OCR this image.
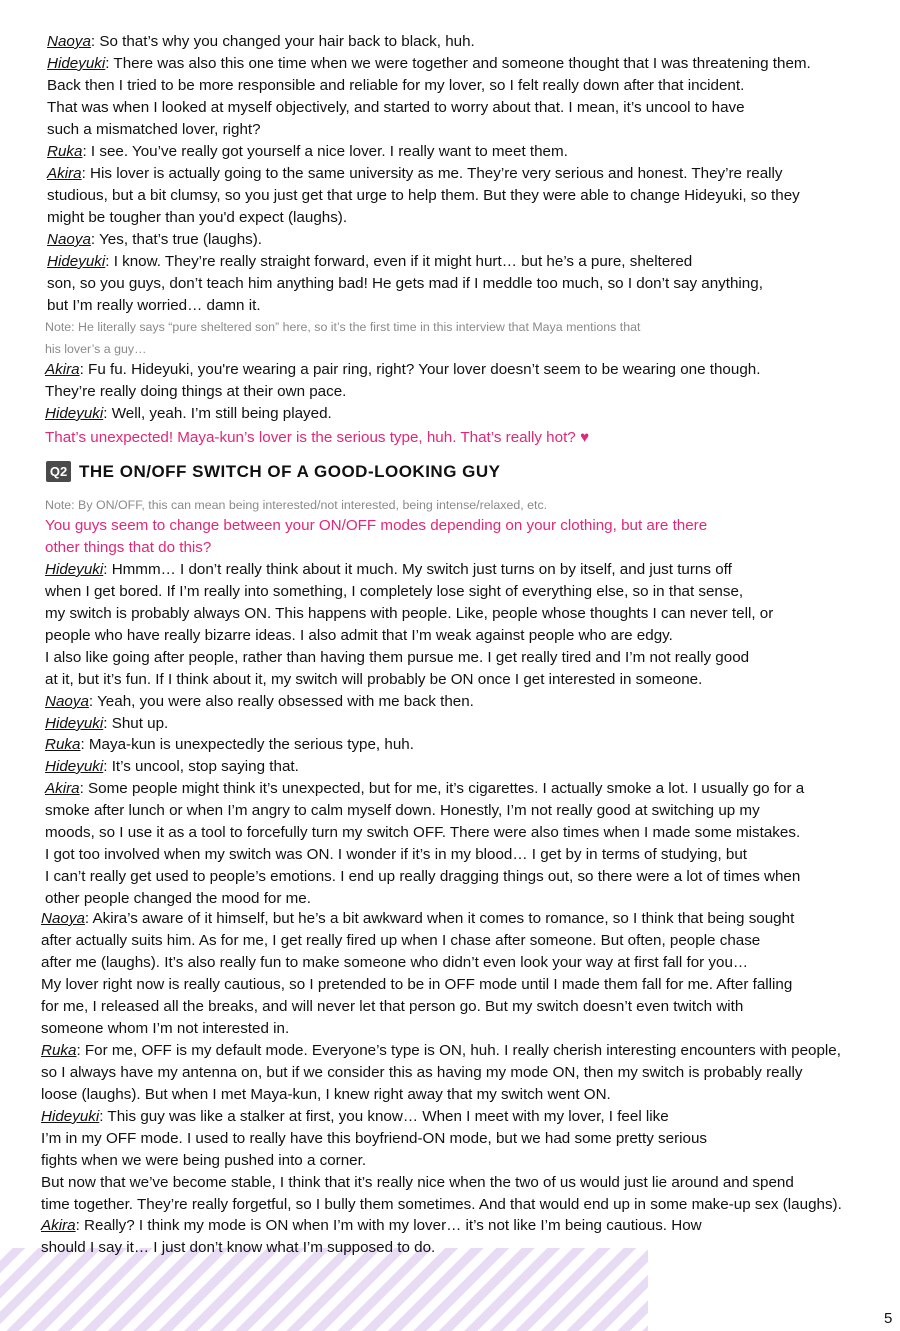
Q2 THE ON/OFF SWITCH OF A GOOD-LOOKING GUY
Naoya: So that’s why you changed your hair back to black, huh.
Hideyuki: There was also this one time when we were together and someone thought that I was threatening them.
Back then I tried to be more responsible and reliable for my lover, so I felt really down after that incident.
That was when I looked at myself objectively, and started to worry about that. I mean, it’s uncool to have
such a mismatched lover, right?
Ruka: I see. You’ve really got yourself a nice lover. I really want to meet them.
Akira: His lover is actually going to the same university as me. They’re very serious and honest. They’re really
studious, but a bit clumsy, so you just get that urge to help them. But they were able to change Hideyuki, so they
might be tougher than you'd expect (laughs).
Naoya: Yes, that’s true (laughs).
Hideyuki: I know. They’re really straight forward, even if it might hurt… but he’s a pure, sheltered
son, so you guys, don’t teach him anything bad! He gets mad if I meddle too much, so I don’t say anything,
but I’m really worried… damn it.
Note: He literally says “pure sheltered son” here, so it’s the first time in this interview that Maya mentions that
his lover’s a guy…
Akira: Fu fu. Hideyuki, you're wearing a pair ring, right? Your lover doesn’t seem to be wearing one though.
They’re really doing things at their own pace.
Hideyuki: Well, yeah. I’m still being played.
That’s unexpected! Maya-kun’s lover is the serious type, huh. That’s really hot? ♥
Note: By ON/OFF, this can mean being interested/not interested, being intense/relaxed, etc.
You guys seem to change between your ON/OFF modes depending on your clothing, but are there
other things that do this?
Hideyuki: Hmmm… I don’t really think about it much. My switch just turns on by itself, and just turns off
when I get bored. If I’m really into something, I completely lose sight of everything else, so in that sense,
my switch is probably always ON. This happens with people. Like, people whose thoughts I can never tell, or
people who have really bizarre ideas. I also admit that I’m weak against people who are edgy.
I also like going after people, rather than having them pursue me. I get really tired and I’m not really good
at it, but it’s fun. If I think about it, my switch will probably be ON once I get interested in someone.
Naoya: Yeah, you were also really obsessed with me back then.
Hideyuki: Shut up.
Ruka: Maya-kun is unexpectedly the serious type, huh.
Hideyuki: It’s uncool, stop saying that.
Akira: Some people might think it’s unexpected, but for me, it’s cigarettes. I actually smoke a lot. I usually go for a
smoke after lunch or when I’m angry to calm myself down. Honestly, I’m not really good at switching up my
moods, so I use it as a tool to forcefully turn my switch OFF. There were also times when I made some mistakes.
I got too involved when my switch was ON. I wonder if it’s in my blood… I get by in terms of studying, but
I can’t really get used to people’s emotions. I end up really dragging things out, so there were a lot of times when
other people changed the mood for me.
Naoya: Akira’s aware of it himself, but he’s a bit awkward when it comes to romance, so I think that being sought
after actually suits him. As for me, I get really fired up when I chase after someone. But often, people chase
after me (laughs). It’s also really fun to make someone who didn’t even look your way at first fall for you…
My lover right now is really cautious, so I pretended to be in OFF mode until I made them fall for me. After falling
for me, I released all the breaks, and will never let that person go. But my switch doesn’t even twitch with
someone whom I’m not interested in.
Ruka: For me, OFF is my default mode. Everyone’s type is ON, huh. I really cherish interesting encounters with people,
so I always have my antenna on, but if we consider this as having my mode ON, then my switch is probably really
loose (laughs). But when I met Maya-kun, I knew right away that my switch went ON.
Hideyuki: This guy was like a stalker at first, you know… When I meet with my lover, I feel like
I’m in my OFF mode. I used to really have this boyfriend-ON mode, but we had some pretty serious
fights when we were being pushed into a corner.
But now that we’ve become stable, I think that it’s really nice when the two of us would just lie around and spend
time together. They’re really forgetful, so I bully them sometimes. And that would end up in some make-up sex (laughs).
Akira: Really? I think my mode is ON when I’m with my lover… it’s not like I’m being cautious. How
should I say it… I just don’t know what I’m supposed to do.
5
